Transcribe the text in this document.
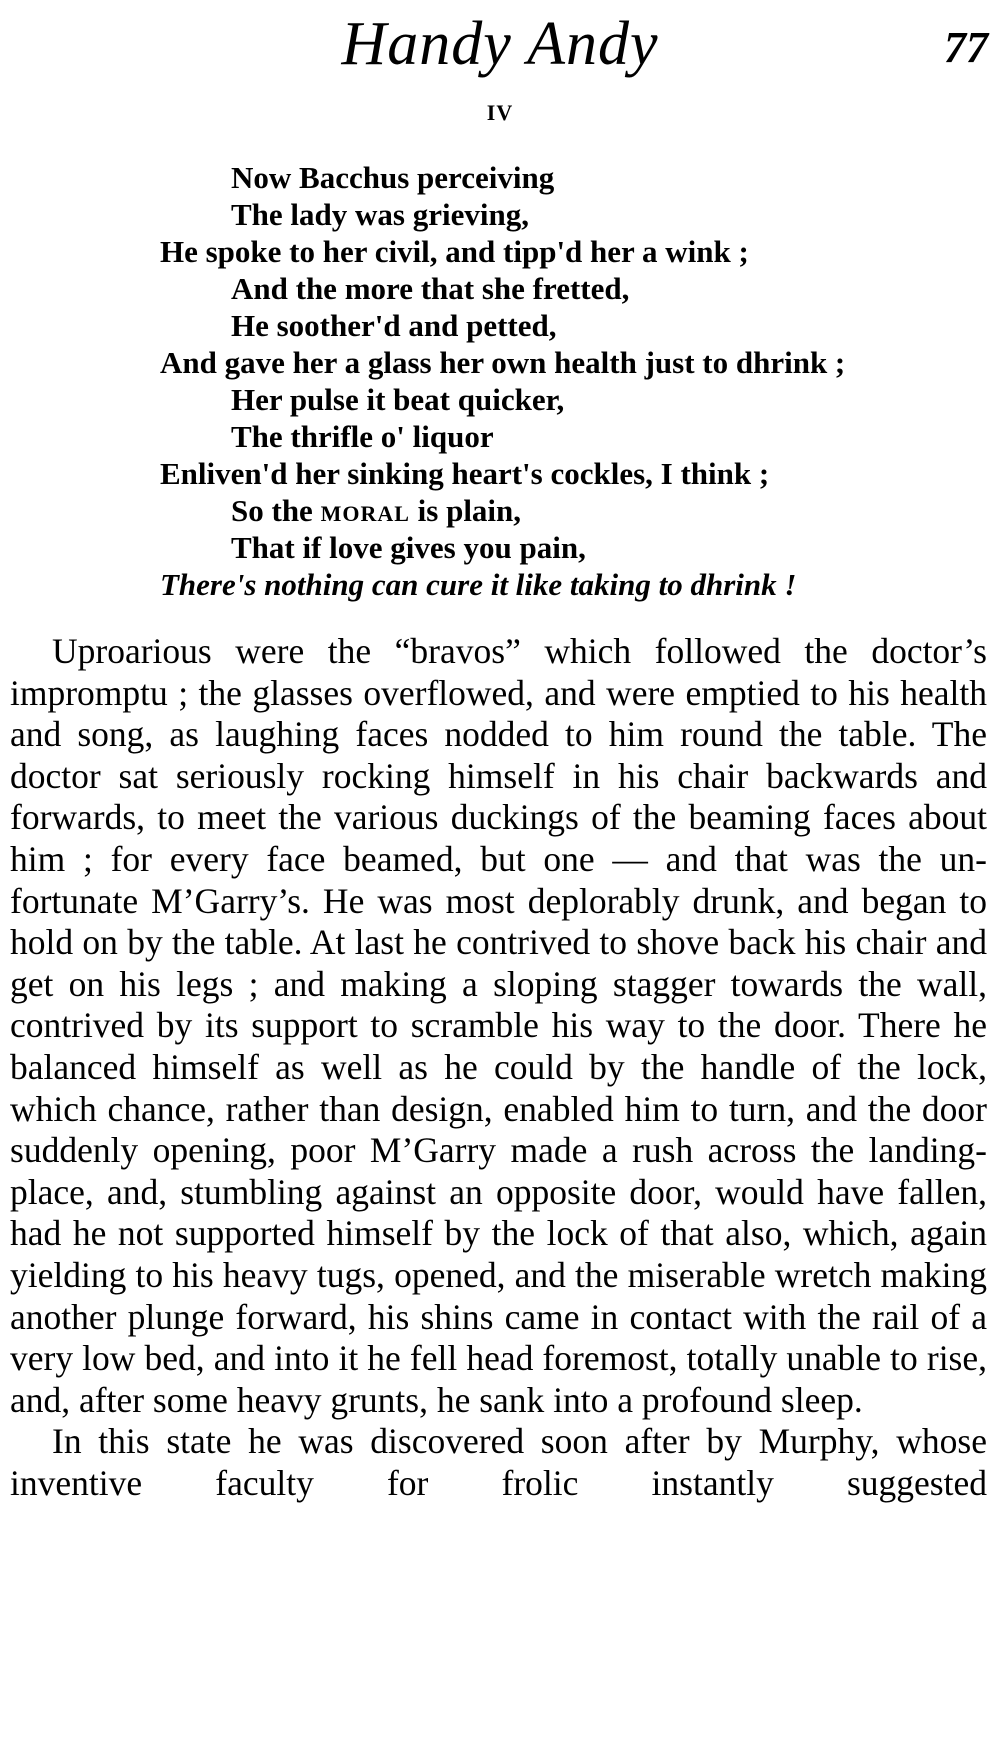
Handy Andy	77
IV
Now Bacchus perceiving
The lady was grieving,
He spoke to her civil, and tipp'd her a wink ;
And the more that she fretted,
He soother'd and petted,
And gave her a glass her own health just to dhrink ;
Her pulse it beat quicker,
The thrifle o' liquor
Enliven'd her sinking heart's cockles, I think ;
So the moral is plain,
That if love gives you pain,
There's nothing can cure it like taking to dhrink !

Uproarious were the “bravos” which followed the doctor’s impromptu ; the glasses overflowed, and were emptied to his health and song, as laughing faces nodded to him round the table. The doctor sat seriously rocking himself in his chair backwards and forwards, to meet the various duckings of the beaming faces about him ; for every face beamed, but one — and that was the unfortunate M’Garry’s. He was most deplorably drunk, and began to hold on by the table. At last he contrived to shove back his chair and get on his legs ; and making a sloping stagger towards the wall, contrived by its support to scramble his way to the door. There he balanced himself as well as he could by the handle of the lock, which chance, rather than design, enabled him to turn, and the door suddenly opening, poor M’Garry made a rush across the landing-place, and, stumbling against an opposite door, would have fallen, had he not supported himself by the lock of that also, which, again yielding to his heavy tugs, opened, and the miserable wretch making another plunge forward, his shins came in contact with the rail of a very low bed, and into it he fell head foremost, totally unable to rise, and, after some heavy grunts, he sank into a profound sleep.

In this state he was discovered soon after by Murphy, whose inventive faculty for frolic instantly suggested
